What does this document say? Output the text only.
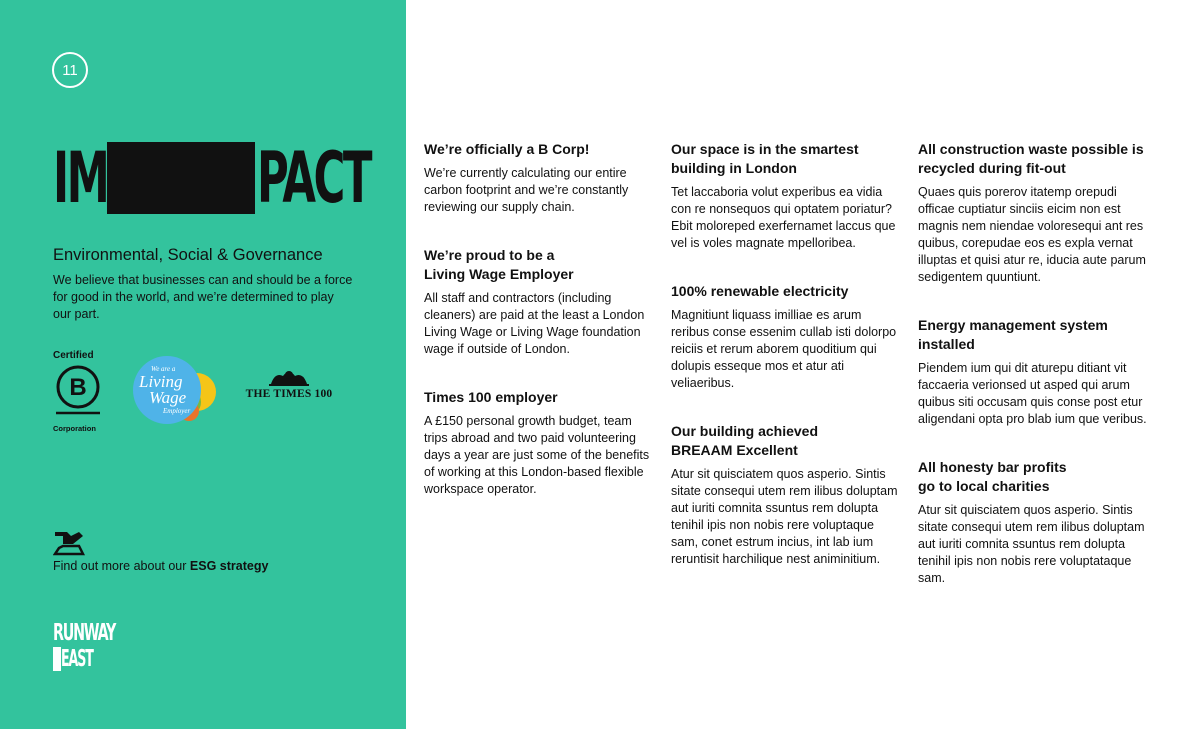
11
IM PACT
Environmental, Social & Governance
We believe that businesses can and should be a force for good in the world, and we’re determined to play our part.
Certified
B
Corporation
We are a
Living
Wage
Employer
THE TIMES 100
Find out more about our ESG strategy
RUNWAY
EAST
We’re officially a B Corp!

We’re currently calculating our entire carbon footprint and we’re constantly reviewing our supply chain.

We’re proud to be a
Living Wage Employer

All staff and contractors (including cleaners) are paid at the least a London Living Wage or Living Wage foundation wage if outside of London.

Times 100 employer

A £150 personal growth budget, team trips abroad and two paid volunteering days a year are just some of the benefits of working at this London-based flexible workspace operator.

Our space is in the smartest building in London

Tet laccaboria volut experibus ea vidia con re nonsequos qui optatem poriatur? Ebit moloreped exerfernamet laccus que vel is voles magnate mpelloribea.

100% renewable electricity

Magnitiunt liquass imilliae es arum reribus conse essenim cullab isti dolorpo reiciis et rerum aborem quoditium qui dolupis esseque mos et atur ati veliaeribus.

Our building achieved
BREAAM Excellent

Atur sit quisciatem quos asperio. Sintis sitate consequi utem rem ilibus doluptam aut iuriti comnita ssuntus rem dolupta tenihil ipis non nobis rere voluptaque sam, conet estrum incius, int lab ium reruntisit harchilique nest animinitium.

All construction waste possible is recycled during fit-out

Quaes quis porerov itatemp orepudi officae cuptiatur sinciis eicim non est magnis nem niendae voloresequi ant res quibus, corepudae eos es expla vernat illuptas et quisi atur re, iducia aute parum sedigentem quuntiunt.

Energy management system installed

Piendem ium qui dit aturepu ditiant vit faccaeria verionsed ut asped qui arum quibus siti occusam quis conse post etur aligendani opta pro blab ium que veribus.

All honesty bar profits
go to local charities

Atur sit quisciatem quos asperio. Sintis sitate consequi utem rem ilibus doluptam aut iuriti comnita ssuntus rem dolupta tenihil ipis non nobis rere voluptataque sam.
